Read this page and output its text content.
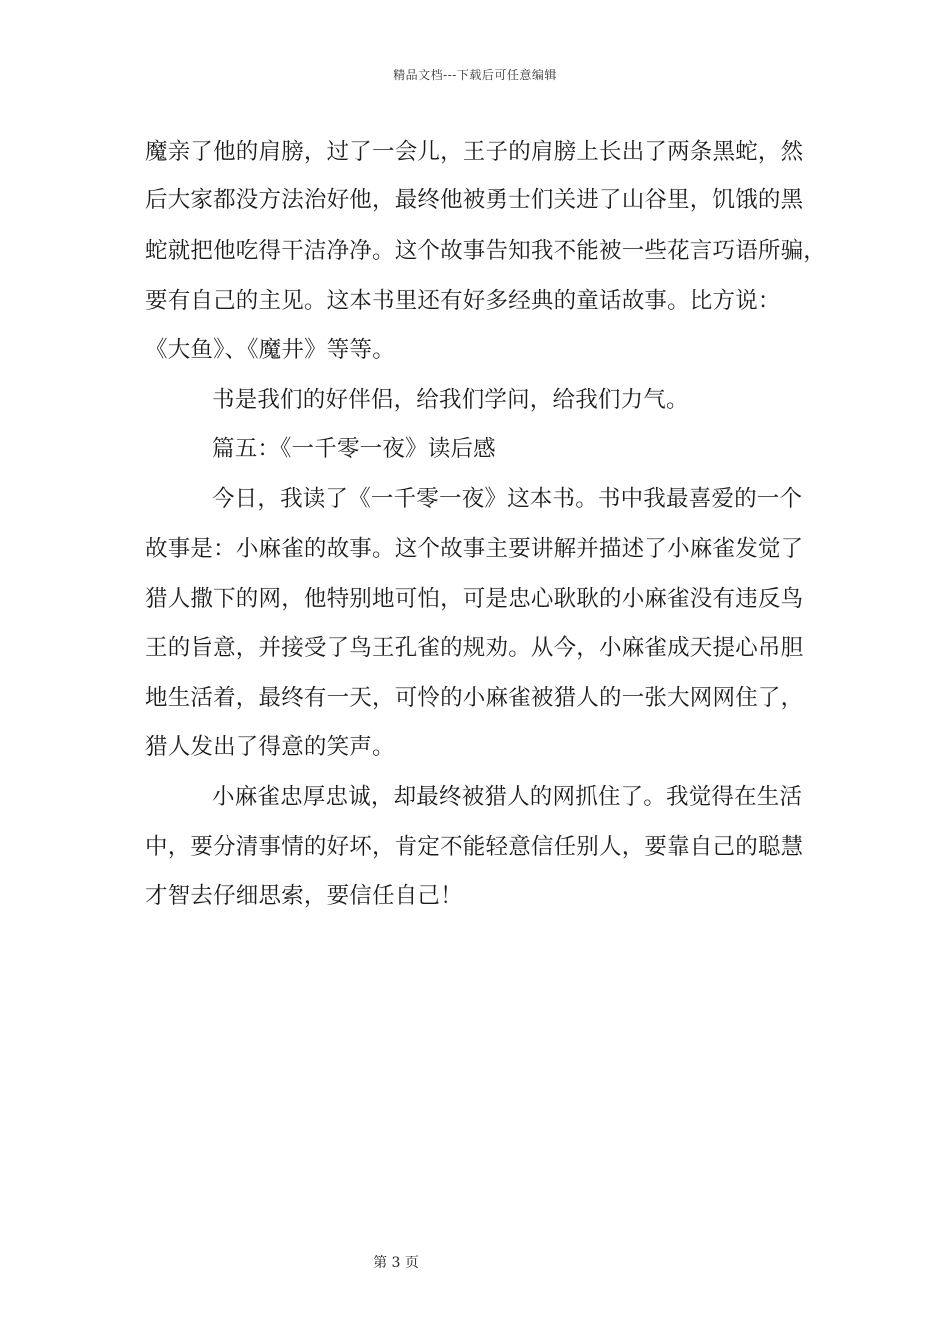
精品文档---下载后可任意编辑
魔亲了他的肩膀，过了一会儿，王子的肩膀上长出了两条黑蛇，然
后大家都没方法治好他，最终他被勇士们关进了山谷里，饥饿的黑
蛇就把他吃得干洁净净。这个故事告知我不能被一些花言巧语所骗，
要有自己的主见。这本书里还有好多经典的童话故事。比方说：
《大鱼》、《魔井》等等。
书是我们的好伴侣，给我们学问，给我们力气。
篇五：《一千零一夜》读后感
今日，我读了《一千零一夜》这本书。书中我最喜爱的一个
故事是：小麻雀的故事。这个故事主要讲解并描述了小麻雀发觉了
猎人撒下的网，他特别地可怕，可是忠心耿耿的小麻雀没有违反鸟
王的旨意，并接受了鸟王孔雀的规劝。从今，小麻雀成天提心吊胆
地生活着，最终有一天，可怜的小麻雀被猎人的一张大网网住了，
猎人发出了得意的笑声。
小麻雀忠厚忠诚，却最终被猎人的网抓住了。我觉得在生活
中，要分清事情的好坏，肯定不能轻意信任别人，要靠自己的聪慧
才智去仔细思索，要信任自己！
第 3 页
